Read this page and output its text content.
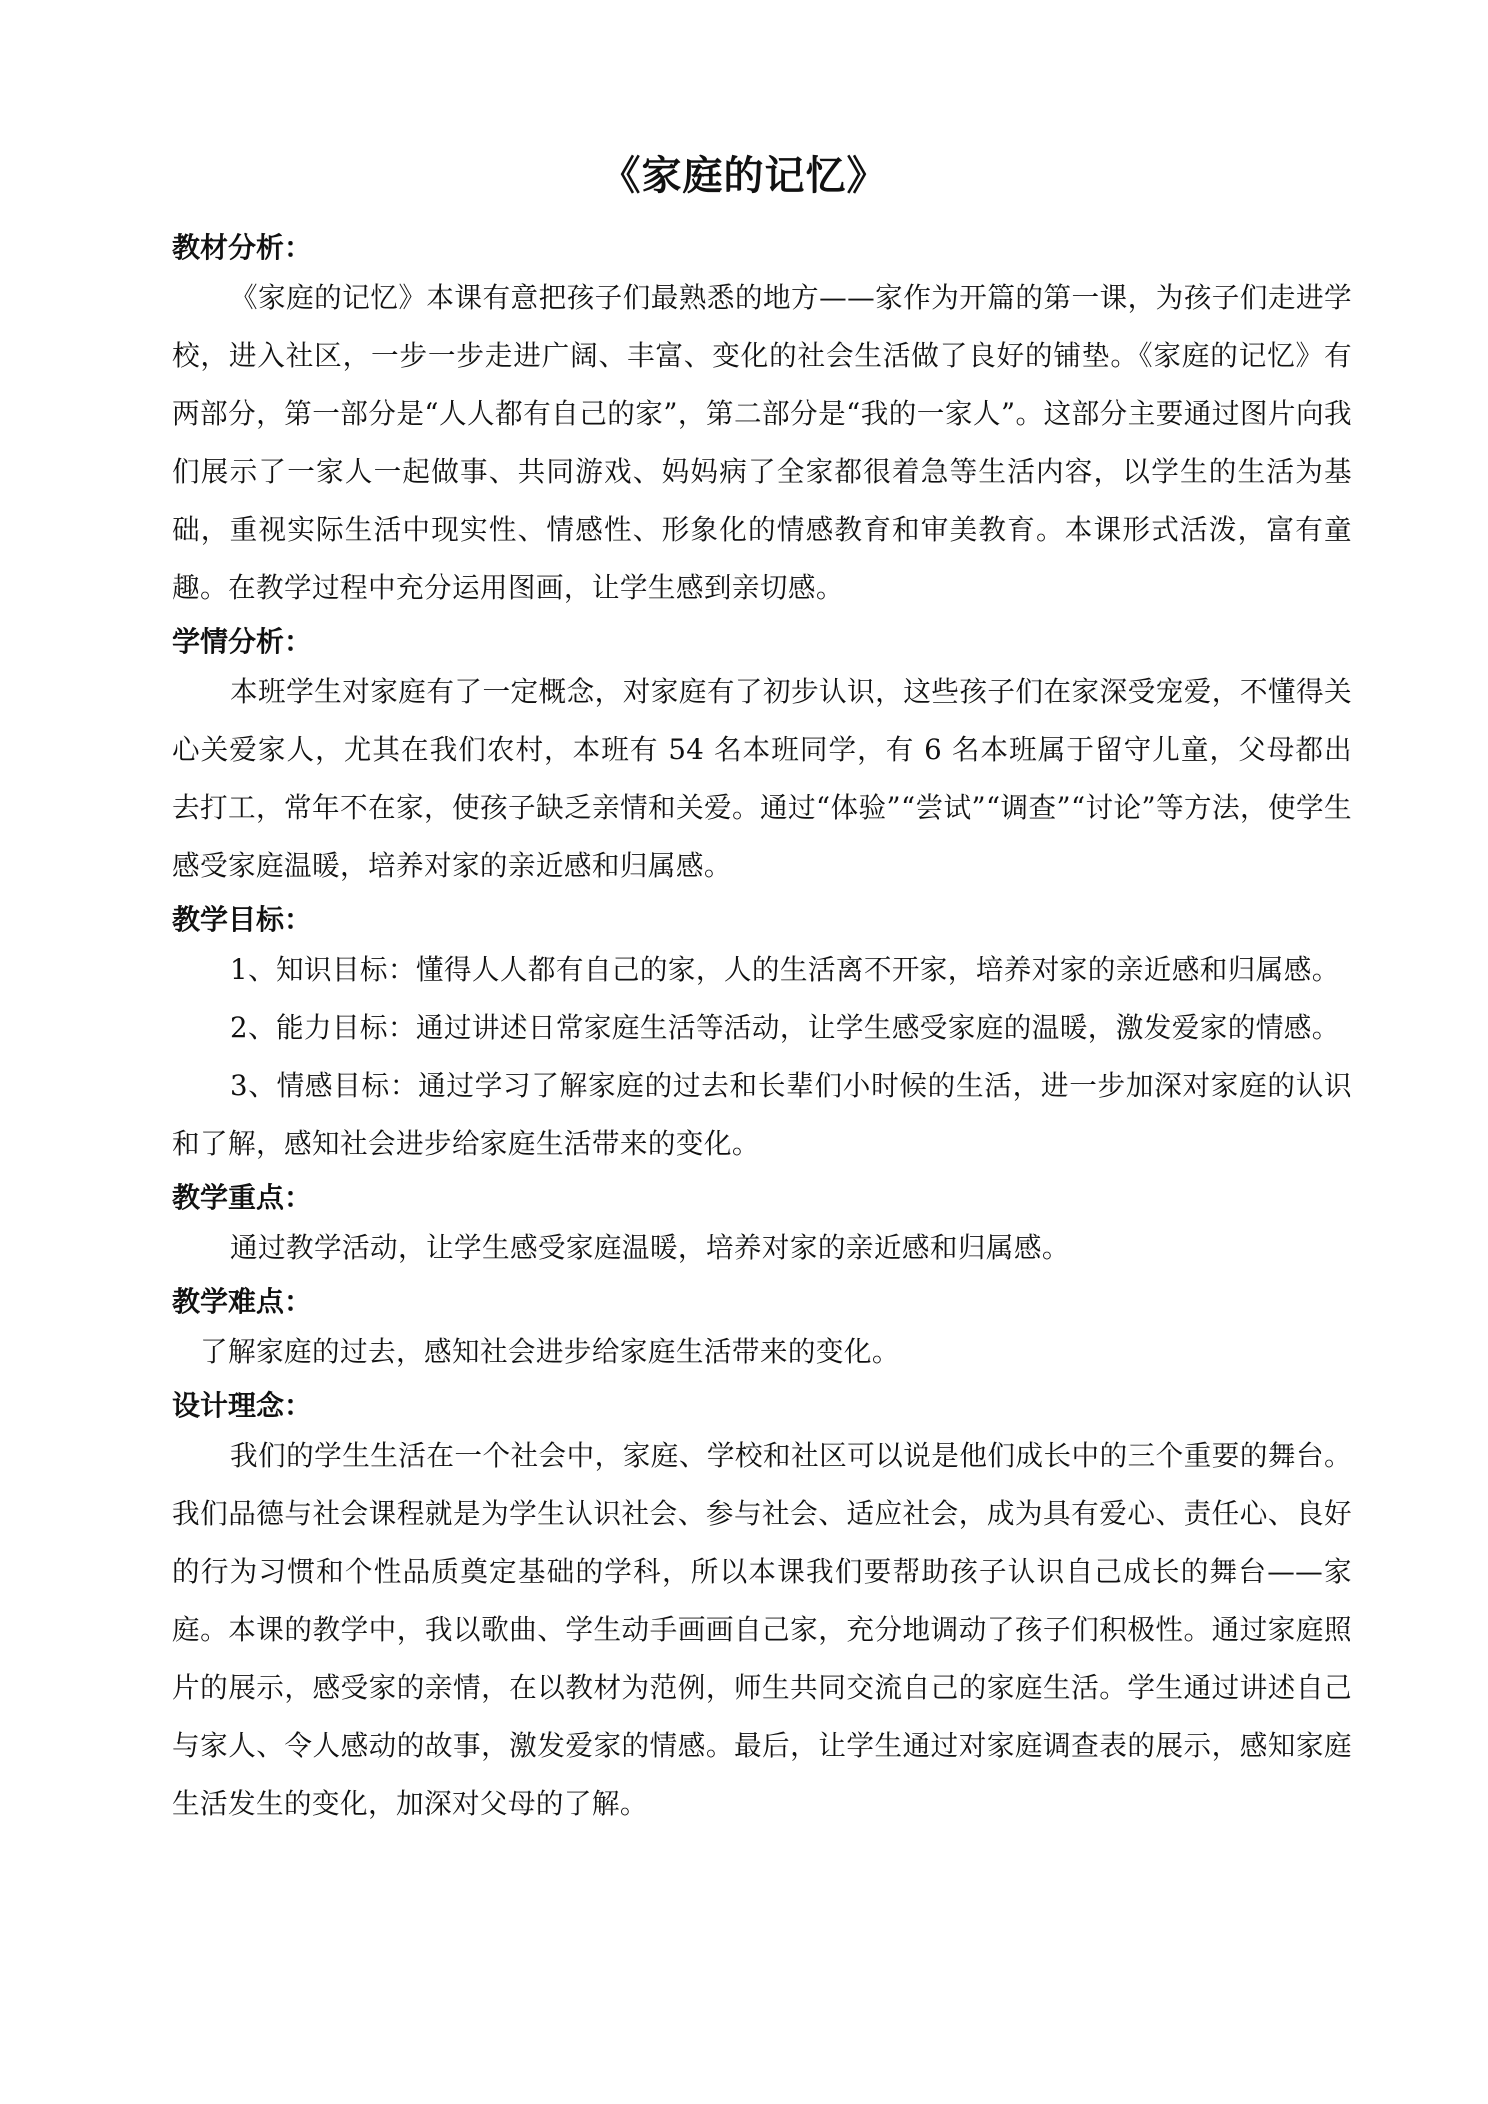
《家庭的记忆》
教材分析：

《家庭的记忆》本课有意把孩子们最熟悉的地方——家作为开篇的第一课，为孩子们走进学校，进入社区，一步一步走进广阔、丰富、变化的社会生活做了良好的铺垫。《家庭的记忆》有两部分，第一部分是“人人都有自己的家”，第二部分是“我的一家人”。这部分主要通过图片向我们展示了一家人一起做事、共同游戏、妈妈病了全家都很着急等生活内容，以学生的生活为基础，重视实际生活中现实性、情感性、形象化的情感教育和审美教育。本课形式活泼，富有童趣。在教学过程中充分运用图画，让学生感到亲切感。

学情分析：

本班学生对家庭有了一定概念，对家庭有了初步认识，这些孩子们在家深受宠爱，不懂得关心关爱家人，尤其在我们农村，本班有 54 名本班同学，有 6 名本班属于留守儿童，父母都出去打工，常年不在家，使孩子缺乏亲情和关爱。通过“体验”“尝试”“调查”“讨论”等方法，使学生感受家庭温暖，培养对家的亲近感和归属感。

教学目标：

1、知识目标：懂得人人都有自己的家，人的生活离不开家，培养对家的亲近感和归属感。

2、能力目标：通过讲述日常家庭生活等活动，让学生感受家庭的温暖，激发爱家的情感。

3、情感目标：通过学习了解家庭的过去和长辈们小时候的生活，进一步加深对家庭的认识和了解，感知社会进步给家庭生活带来的变化。

教学重点：

通过教学活动，让学生感受家庭温暖，培养对家的亲近感和归属感。

教学难点：

了解家庭的过去，感知社会进步给家庭生活带来的变化。

设计理念：

我们的学生生活在一个社会中，家庭、学校和社区可以说是他们成长中的三个重要的舞台。我们品德与社会课程就是为学生认识社会、参与社会、适应社会，成为具有爱心、责任心、良好的行为习惯和个性品质奠定基础的学科，所以本课我们要帮助孩子认识自己成长的舞台——家庭。本课的教学中，我以歌曲、学生动手画画自己家，充分地调动了孩子们积极性。通过家庭照片的展示，感受家的亲情，在以教材为范例，师生共同交流自己的家庭生活。学生通过讲述自己与家人、令人感动的故事，激发爱家的情感。最后，让学生通过对家庭调查表的展示，感知家庭生活发生的变化，加深对父母的了解。
